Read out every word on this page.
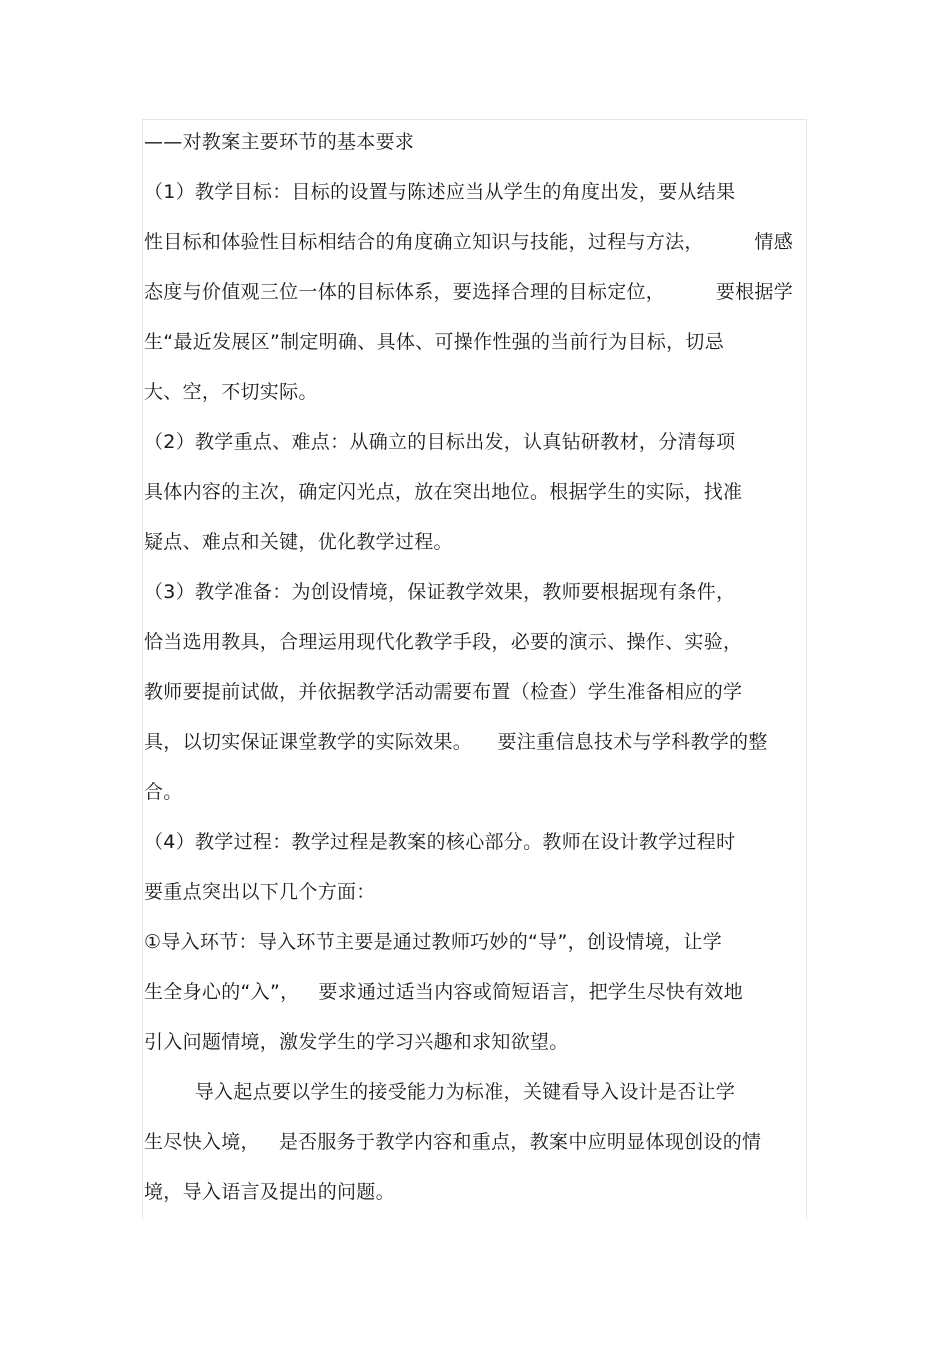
——对教案主要环节的基本要求
（1）教学目标：目标的设置与陈述应当从学生的角度出发，要从结果
性目标和体验性目标相结合的角度确立知识与技能，过程与方法，        情感
态度与价值观三位一体的目标体系，要选择合理的目标定位，        要根据学
生“最近发展区”制定明确、具体、可操作性强的当前行为目标，切忌
大、空，不切实际。
（2）教学重点、难点：从确立的目标出发，认真钻研教材，分清每项
具体内容的主次，确定闪光点，放在突出地位。根据学生的实际，找准
疑点、难点和关键，优化教学过程。
（3）教学准备：为创设情境，保证教学效果，教师要根据现有条件，
恰当选用教具，合理运用现代化教学手段，必要的演示、操作、实验，
教师要提前试做，并依据教学活动需要布置（检查）学生准备相应的学
具，以切实保证课堂教学的实际效果。    要注重信息技术与学科教学的整
合。
（4）教学过程：教学过程是教案的核心部分。教师在设计教学过程时
要重点突出以下几个方面：
①导入环节：导入环节主要是通过教师巧妙的“导”，创设情境，让学
生全身心的“入”，   要求通过适当内容或简短语言，把学生尽快有效地
引入问题情境，激发学生的学习兴趣和求知欲望。
导入起点要以学生的接受能力为标准，关键看导入设计是否让学
生尽快入境，   是否服务于教学内容和重点，教案中应明显体现创设的情
境，导入语言及提出的问题。
